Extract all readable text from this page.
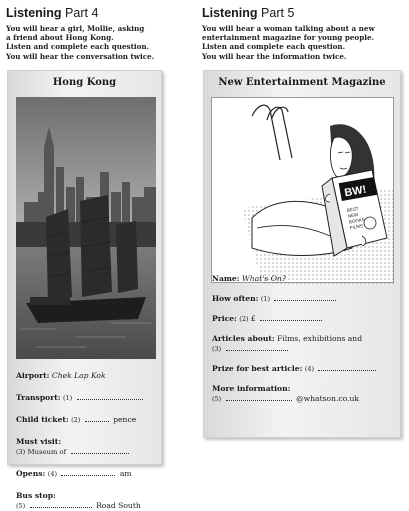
Listening Part 4
You will hear a girl, Mollie, asking
a friend about Hong Kong.
Listen and complete each question.
You will hear the conversation twice.
Listening Part 5
You will hear a woman talking about a new
entertainment magazine for young people.
Listen and complete each question.
You will hear the information twice.
Hong Kong
Airport: Chek Lap Kok
Transport: (1)
Child ticket: (2)	pence
Must visit:
(3) Museum of
Opens: (4)	am
Bus stop:
(5)	Road South
New Entertainment Magazine
BW!
BEST
NEW
BOOKS
FILMS
Name: What's On?
How often: (1)
Price: (2) £
Articles about: Films, exhibitions and
(3)
Prize for best article: (4)
More information:
(5)	@whatson.co.uk
